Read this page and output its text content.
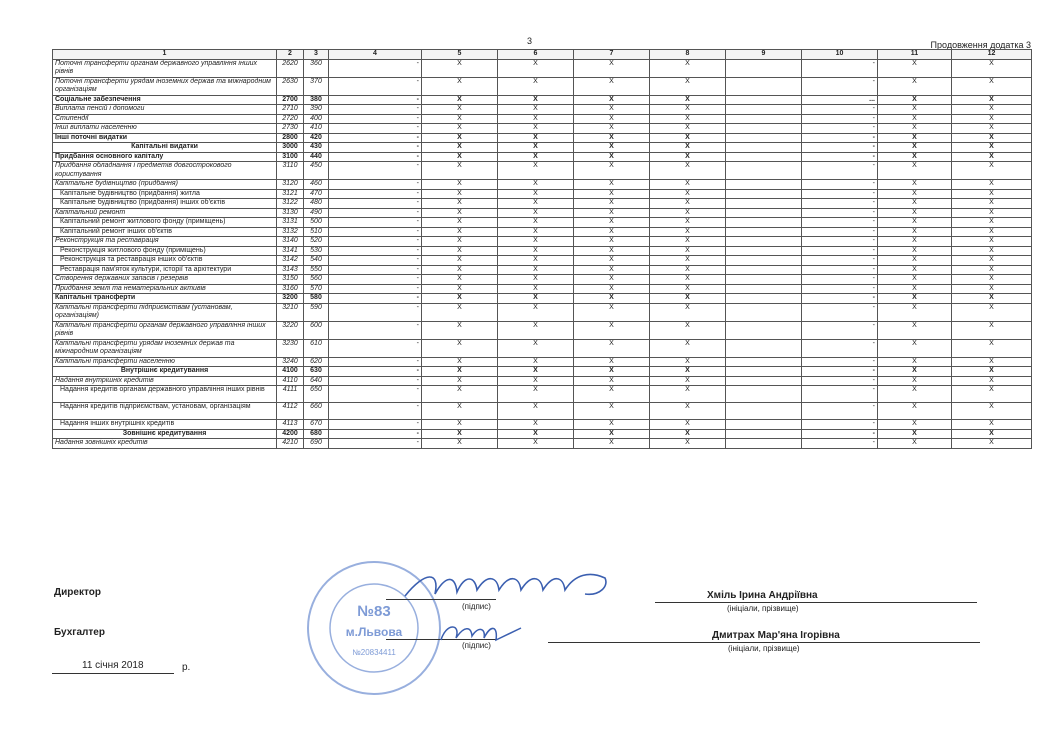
3	Продовження додатка 3
1	2	3	4	5	6	7	8	9	10	11	12
Поточні трансферти органам державного управління інших рівнів	2620	360	-	X	X	X	X		-	X	X
Поточні трансферти урядам іноземних держав та міжнародним організаціям	2630	370	-	X	X	X	X		-	X	X
Соціальне забезпечення	2700	380	-	X	X	X	X		...	X	X
Виплата пенсій і допомоги	2710	390	-	X	X	X	X		-	X	X
Стипендії	2720	400	-	X	X	X	X		-	X	X
Інші виплати населенню	2730	410	-	X	X	X	X		-	X	X
Інші поточні видатки	2800	420	-	X	X	X	X		-	X	X
Капітальні видатки	3000	430	-	X	X	X	X		-	X	X
Придбання основного капіталу	3100	440	-	X	X	X	X		-	X	X
Придбання обладнання і предметів довгострокового користування	3110	450	-	X	X	X	X		-	X	X
Капітальне будівництво (придбання)	3120	460	-	X	X	X	X		-	X	X
Капітальне будівництво (придбання) житла	3121	470	-	X	X	X	X		-	X	X
Капітальне будівництво (придбання) інших об'єктів	3122	480	-	X	X	X	X		-	X	X
Капітальний ремонт	3130	490	-	X	X	X	X		-	X	X
Капітальний ремонт житлового фонду (приміщень)	3131	500	-	X	X	X	X		-	X	X
Капітальний ремонт інших об'єктів	3132	510	-	X	X	X	X		-	X	X
Реконструкція та реставрація	3140	520	-	X	X	X	X		-	X	X
Реконструкція житлового фонду (приміщень)	3141	530	-	X	X	X	X		-	X	X
Реконструкція та реставрація інших об'єктів	3142	540	-	X	X	X	X		-	X	X
Реставрація пам'яток культури, історії та архітектури	3143	550	-	X	X	X	X		-	X	X
Створення державних запасів і резервів	3150	560	-	X	X	X	X		-	X	X
Придбання землі та нематеріальних активів	3160	570	-	X	X	X	X		-	X	X
Капітальні трансферти	3200	580	-	X	X	X	X		-	X	X
Капітальні трансферти підприємствам (установам, організаціям)	3210	590	-	X	X	X	X		-	X	X
Капітальні трансферти органам державного управління інших рівнів	3220	600	-	X	X	X	X		-	X	X
Капітальні трансферти урядам іноземних держав та міжнародним організаціям	3230	610	-	X	X	X	X		-	X	X
Капітальні трансферти населенню	3240	620	-	X	X	X	X		-	X	X
Внутрішнє кредитування	4100	630	-	X	X	X	X		-	X	X
Надання внутрішніх кредитів	4110	640	-	X	X	X	X		-	X	X
Надання кредитів органам державного управління інших рівнів	4111	650	-	X	X	X	X		-	X	X
Надання кредитів підприємствам, установам, організаціям	4112	660	-	X	X	X	X		-	X	X
Надання інших внутрішніх кредитів	4113	670	-	X	X	X	X		-	X	X
Зовнішнє кредитування	4200	680	-	X	X	X	X		-	X	X
Надання зовнішніх кредитів	4210	690	-	X	X	X	X		-	X	X
№83
м.Львова
№20834411
Директор
(підпис)
Хміль Ірина Андріївна
(ініціали, прізвище)
Бухгалтер
(підпис)
Дмитрах Мар'яна Ігорівна
(ініціали, прізвище)
11 січня 2018	р.
